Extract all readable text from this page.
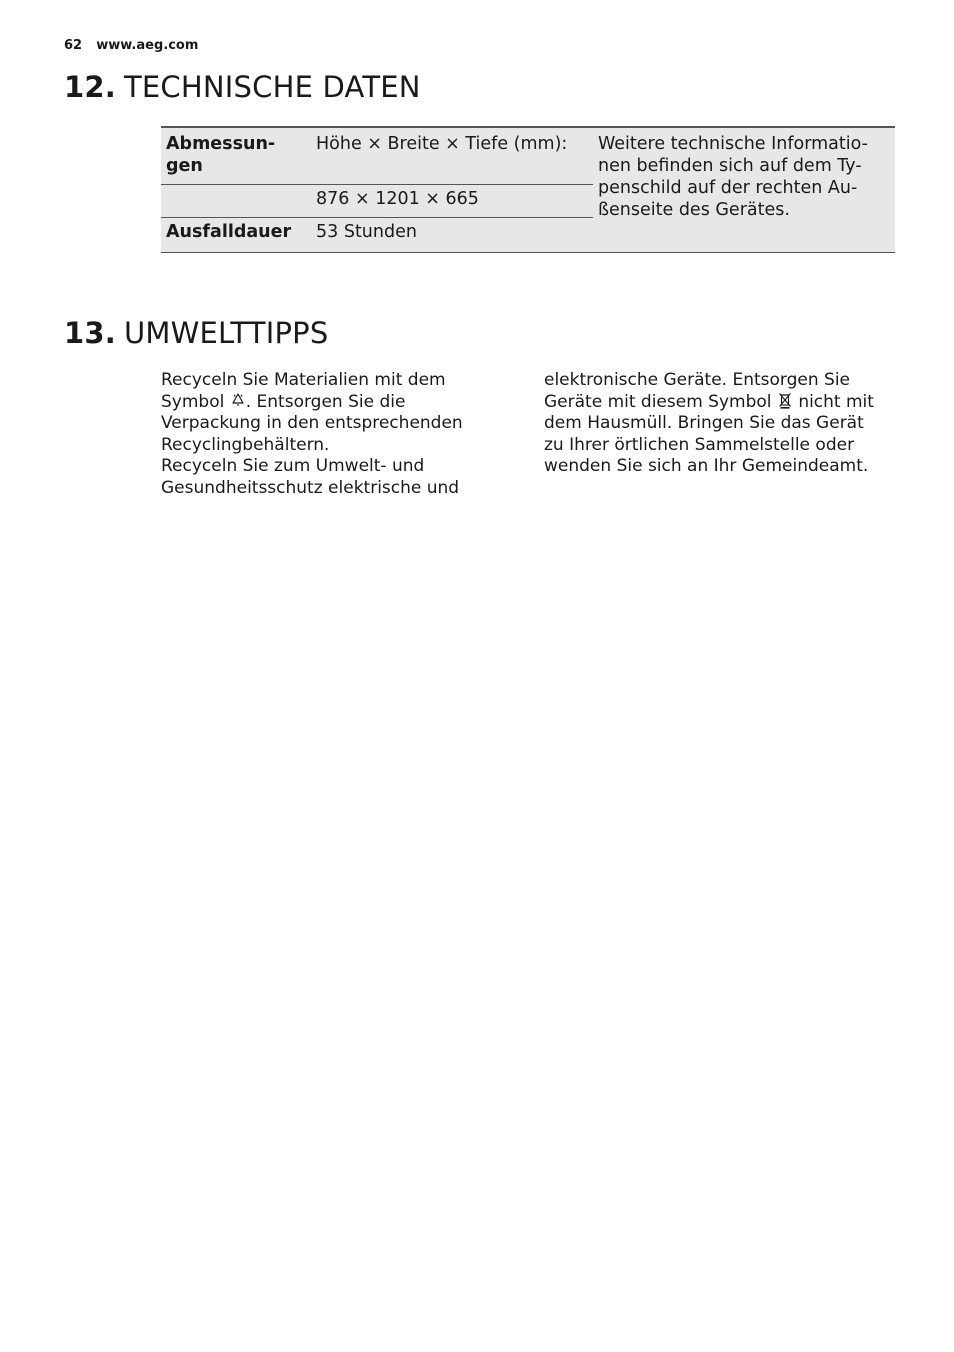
62 www.aeg.com
12. TECHNISCHE DATEN
Abmessun-gen
Höhe × Breite × Tiefe (mm): Weitere technische Informatio-nen befinden sich auf dem Ty-penschild auf der rechten Au-ßenseite des Gerätes.
876 × 1201 × 665
Ausfalldauer 53 Stunden
13. UMWELTTIPPS

Recyceln Sie Materialien mit dem Symbol . Entsorgen Sie die Verpackung in den entsprechenden Recyclingbehältern.

Recyceln Sie zum Umwelt- und Gesundheitsschutz elektrische und

elektronische Geräte. Entsorgen Sie Geräte mit diesem Symbol nicht mit dem Hausmüll. Bringen Sie das Gerät zu Ihrer örtlichen Sammelstelle oder wenden Sie sich an Ihr Gemeindeamt.
